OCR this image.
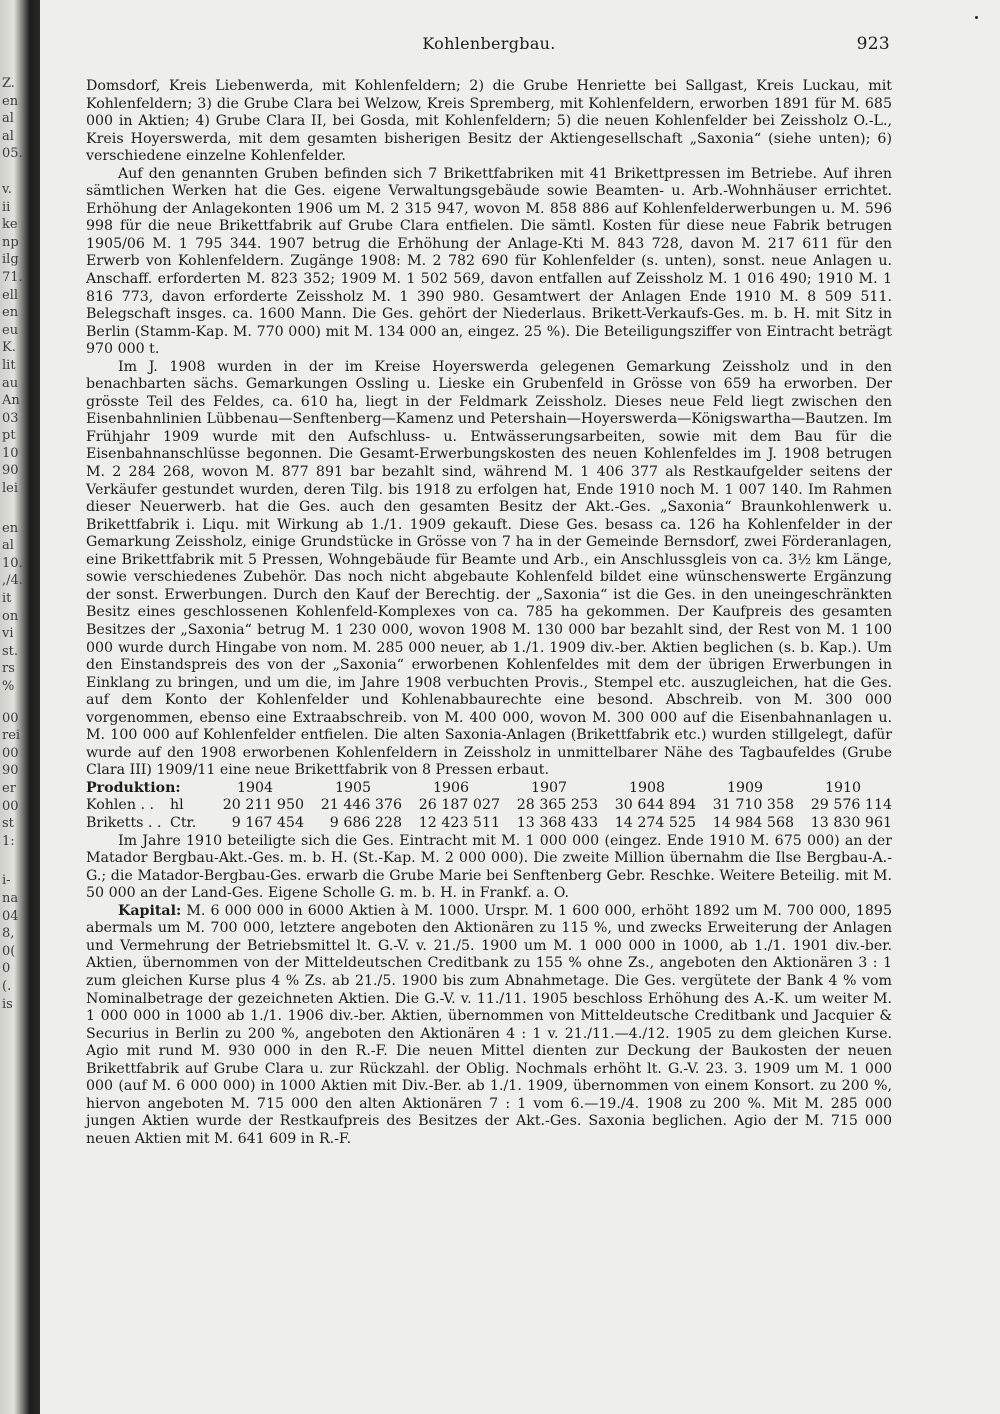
Z.
en
al
al
05.
v.
ii
ke
np
ilg
71.
ell
en
eu
K.
lit
au
An
03
pt
10
90
lei
en
al
10.
,/4.
it
on
vi
st.
rs
%
00
rei
00
90
er
00
st
1:
i-
na
04
8,
0(
0
(.
is
Kohlenbergbau.	923

Domsdorf, Kreis Liebenwerda, mit Kohlenfeldern; 2) die Grube Henriette bei Sallgast, Kreis Luckau, mit Kohlenfeldern; 3) die Grube Clara bei Welzow, Kreis Spremberg, mit Kohlenfeldern, erworben 1891 für M. 685 000 in Aktien; 4) Grube Clara II, bei Gosda, mit Kohlenfeldern; 5) die neuen Kohlenfelder bei Zeissholz O.-L., Kreis Hoyerswerda, mit dem gesamten bisherigen Besitz der Aktiengesellschaft „Saxonia“ (siehe unten); 6) verschiedene einzelne Kohlenfelder.

Auf den genannten Gruben befinden sich 7 Brikettfabriken mit 41 Brikettpressen im Betriebe. Auf ihren sämtlichen Werken hat die Ges. eigene Verwaltungsgebäude sowie Beamten- u. Arb.-Wohnhäuser errichtet. Erhöhung der Anlagekonten 1906 um M. 2 315 947, wovon M. 858 886 auf Kohlenfelderwerbungen u. M. 596 998 für die neue Brikettfabrik auf Grube Clara entfielen. Die sämtl. Kosten für diese neue Fabrik betrugen 1905/06 M. 1 795 344. 1907 betrug die Erhöhung der Anlage-Kti M. 843 728, davon M. 217 611 für den Erwerb von Kohlenfeldern. Zugänge 1908: M. 2 782 690 für Kohlenfelder (s. unten), sonst. neue Anlagen u. Anschaff. erforderten M. 823 352; 1909 M. 1 502 569, davon entfallen auf Zeissholz M. 1 016 490; 1910 M. 1 816 773, davon erforderte Zeissholz M. 1 390 980. Gesamtwert der Anlagen Ende 1910 M. 8 509 511. Belegschaft insges. ca. 1600 Mann. Die Ges. gehört der Niederlaus. Brikett-Verkaufs-Ges. m. b. H. mit Sitz in Berlin (Stamm-Kap. M. 770 000) mit M. 134 000 an, eingez. 25 %). Die Beteiligungsziffer von Eintracht beträgt 970 000 t.

Im J. 1908 wurden in der im Kreise Hoyerswerda gelegenen Gemarkung Zeissholz und in den benachbarten sächs. Gemarkungen Ossling u. Lieske ein Grubenfeld in Grösse von 659 ha erworben. Der grösste Teil des Feldes, ca. 610 ha, liegt in der Feldmark Zeissholz. Dieses neue Feld liegt zwischen den Eisenbahnlinien Lübbenau—Senftenberg—Kamenz und Petershain—Hoyerswerda—Königswartha—Bautzen. Im Frühjahr 1909 wurde mit den Aufschluss- u. Entwässerungsarbeiten, sowie mit dem Bau für die Eisenbahnanschlüsse begonnen. Die Gesamt-Erwerbungskosten des neuen Kohlenfeldes im J. 1908 betrugen M. 2 284 268, wovon M. 877 891 bar bezahlt sind, während M. 1 406 377 als Restkaufgelder seitens der Verkäufer gestundet wurden, deren Tilg. bis 1918 zu erfolgen hat, Ende 1910 noch M. 1 007 140. Im Rahmen dieser Neuerwerb. hat die Ges. auch den gesamten Besitz der Akt.-Ges. „Saxonia“ Braunkohlenwerk u. Brikettfabrik i. Liqu. mit Wirkung ab 1./1. 1909 gekauft. Diese Ges. besass ca. 126 ha Kohlenfelder in der Gemarkung Zeissholz, einige Grundstücke in Grösse von 7 ha in der Gemeinde Bernsdorf, zwei Förderanlagen, eine Brikettfabrik mit 5 Pressen, Wohngebäude für Beamte und Arb., ein Anschlussgleis von ca. 3½ km Länge, sowie verschiedenes Zubehör. Das noch nicht abgebaute Kohlenfeld bildet eine wünschenswerte Ergänzung der sonst. Erwerbungen. Durch den Kauf der Berechtig. der „Saxonia“ ist die Ges. in den uneingeschränkten Besitz eines geschlossenen Kohlenfeld-Komplexes von ca. 785 ha gekommen. Der Kaufpreis des gesamten Besitzes der „Saxonia“ betrug M. 1 230 000, wovon 1908 M. 130 000 bar bezahlt sind, der Rest von M. 1 100 000 wurde durch Hingabe von nom. M. 285 000 neuer, ab 1./1. 1909 div.-ber. Aktien beglichen (s. b. Kap.). Um den Einstandspreis des von der „Saxonia“ erworbenen Kohlenfeldes mit dem der übrigen Erwerbungen in Einklang zu bringen, und um die, im Jahre 1908 verbuchten Provis., Stempel etc. auszugleichen, hat die Ges. auf dem Konto der Kohlenfelder und Kohlenabbaurechte eine besond. Abschreib. von M. 300 000 vorgenommen, ebenso eine Extraabschreib. von M. 400 000, wovon M. 300 000 auf die Eisenbahnanlagen u. M. 100 000 auf Kohlenfelder entfielen. Die alten Saxonia-Anlagen (Brikettfabrik etc.) wurden stillgelegt, dafür wurde auf den 1908 erworbenen Kohlenfeldern in Zeissholz in unmittelbarer Nähe des Tagbaufeldes (Grube Clara III) 1909/11 eine neue Brikettfabrik von 8 Pressen erbaut.

Produktion:		1904	1905	1906	1907	1908	1909	1910
Kohlen . .	hl	20 211 950	21 446 376	26 187 027	28 365 253	30 644 894	31 710 358	29 576 114
Briketts . .	Ctr.	9 167 454	9 686 228	12 423 511	13 368 433	14 274 525	14 984 568	13 830 961

Im Jahre 1910 beteiligte sich die Ges. Eintracht mit M. 1 000 000 (eingez. Ende 1910 M. 675 000) an der Matador Bergbau-Akt.-Ges. m. b. H. (St.-Kap. M. 2 000 000). Die zweite Million übernahm die Ilse Bergbau-A.-G.; die Matador-Bergbau-Ges. erwarb die Grube Marie bei Senftenberg Gebr. Reschke. Weitere Beteilig. mit M. 50 000 an der Land-Ges. Eigene Scholle G. m. b. H. in Frankf. a. O.

Kapital: M. 6 000 000 in 6000 Aktien à M. 1000. Urspr. M. 1 600 000, erhöht 1892 um M. 700 000, 1895 abermals um M. 700 000, letztere angeboten den Aktionären zu 115 %, und zwecks Erweiterung der Anlagen und Vermehrung der Betriebsmittel lt. G.-V. v. 21./5. 1900 um M. 1 000 000 in 1000, ab 1./1. 1901 div.-ber. Aktien, übernommen von der Mitteldeutschen Creditbank zu 155 % ohne Zs., angeboten den Aktionären 3 : 1 zum gleichen Kurse plus 4 % Zs. ab 21./5. 1900 bis zum Abnahmetage. Die Ges. vergütete der Bank 4 % vom Nominalbetrage der gezeichneten Aktien. Die G.-V. v. 11./11. 1905 beschloss Erhöhung des A.-K. um weiter M. 1 000 000 in 1000 ab 1./1. 1906 div.-ber. Aktien, übernommen von Mitteldeutsche Creditbank und Jacquier & Securius in Berlin zu 200 %, angeboten den Aktionären 4 : 1 v. 21./11.—4./12. 1905 zu dem gleichen Kurse. Agio mit rund M. 930 000 in den R.-F. Die neuen Mittel dienten zur Deckung der Baukosten der neuen Brikettfabrik auf Grube Clara u. zur Rückzahl. der Oblig. Nochmals erhöht lt. G.-V. 23. 3. 1909 um M. 1 000 000 (auf M. 6 000 000) in 1000 Aktien mit Div.-Ber. ab 1./1. 1909, übernommen von einem Konsort. zu 200 %, hiervon angeboten M. 715 000 den alten Aktionären 7 : 1 vom 6.—19./4. 1908 zu 200 %. Mit M. 285 000 jungen Aktien wurde der Restkaufpreis des Besitzes der Akt.-Ges. Saxonia beglichen. Agio der M. 715 000 neuen Aktien mit M. 641 609 in R.-F.
